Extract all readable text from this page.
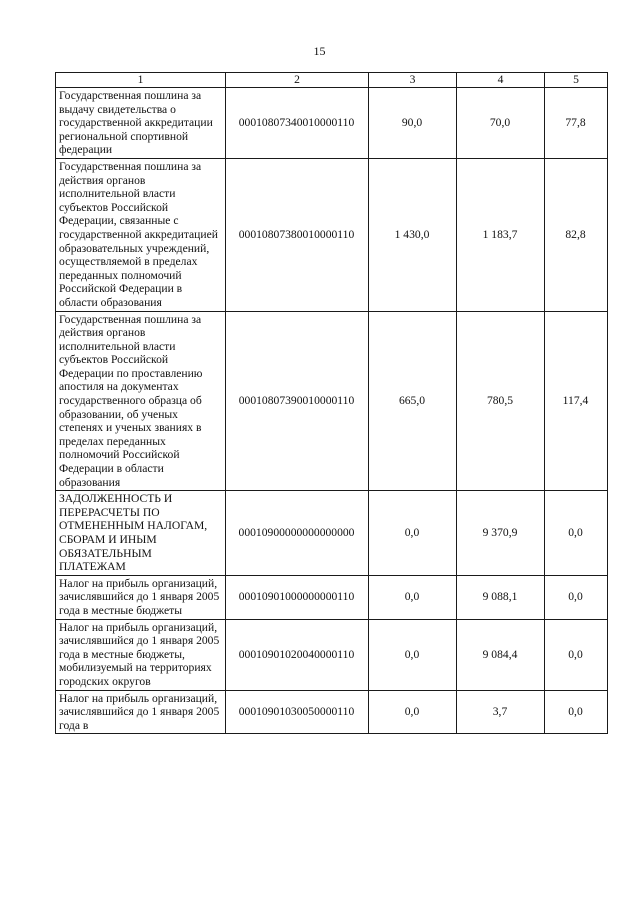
15
1	2	3	4	5
Государственная пошлина за выдачу свидетельства о государственной аккредитации региональной спортивной федерации	00010807340010000110	90,0	70,0	77,8
Государственная пошлина за действия органов исполнительной власти субъектов Российской Федерации, связанные с государственной аккредитацией образовательных учреждений, осуществляемой в пределах переданных полномочий Российской Федерации в области образования	00010807380010000110	1 430,0	1 183,7	82,8
Государственная пошлина за действия органов исполнительной власти субъектов Российской Федерации по проставлению апостиля на документах государственного образца об образовании, об ученых степенях и ученых званиях в пределах переданных полномочий Российской Федерации в области образования	00010807390010000110	665,0	780,5	117,4
ЗАДОЛЖЕННОСТЬ И ПЕРЕРАСЧЕТЫ ПО ОТМЕНЕННЫМ НАЛОГАМ, СБОРАМ И ИНЫМ ОБЯЗАТЕЛЬНЫМ ПЛАТЕЖАМ	00010900000000000000	0,0	9 370,9	0,0
Налог на прибыль организаций, зачислявшийся до 1 января 2005 года в местные бюджеты	00010901000000000110	0,0	9 088,1	0,0
Налог на прибыль организаций, зачислявшийся до 1 января 2005 года в местные бюджеты, мобилизуемый на территориях городских округов	00010901020040000110	0,0	9 084,4	0,0
Налог на прибыль организаций, зачислявшийся до 1 января 2005 года в	00010901030050000110	0,0	3,7	0,0
